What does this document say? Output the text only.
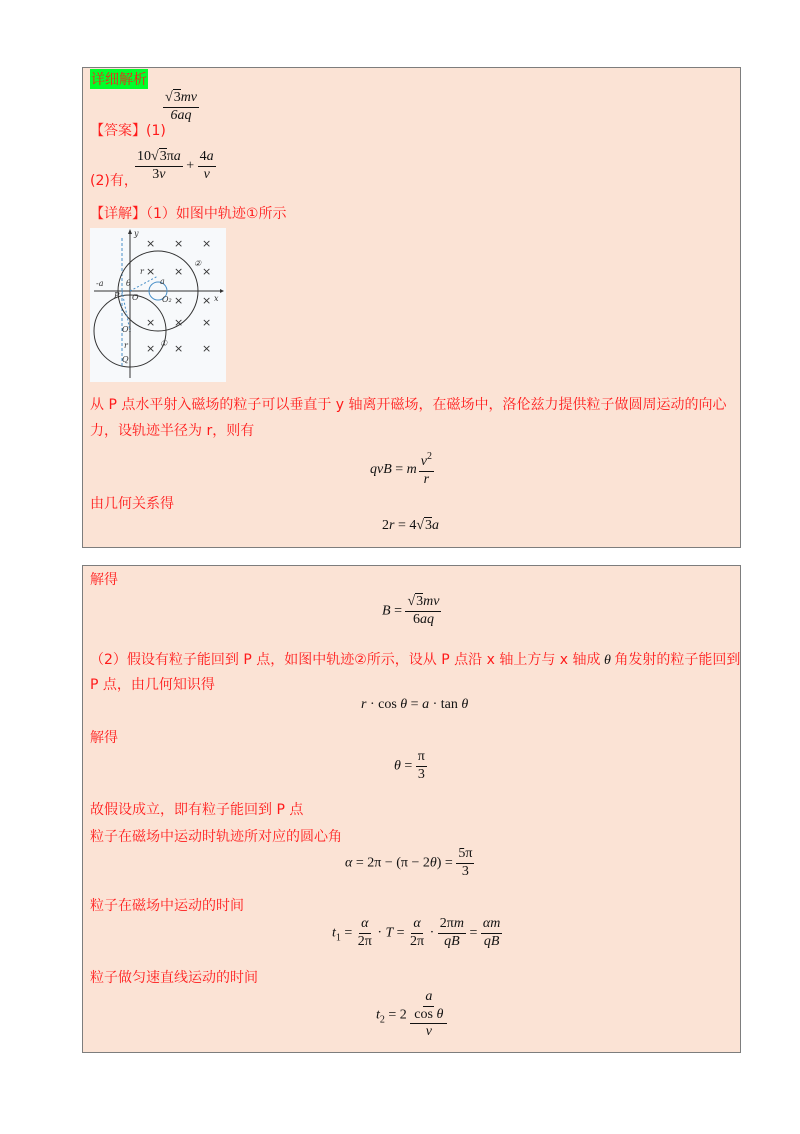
详细解析
【答案】(1)
$\frac{√3mv}{6aq}$
(2)有，
$\frac{10√3\pi a}{3v} + \frac{4a}{v}$
【详解】（1）如图中轨迹①所示
× × ×
× × ×
× ×
× × ×
× × ×
y
x
P O	O₂
O₁
Q
a
r
r
θ
-a
①
②
从 P 点水平射入磁场的粒子可以垂直于 y 轴离开磁场，在磁场中，洛伦兹力提供粒子做圆周运动的向心
力，设轨迹半径为 r，则有
qvB = m $\frac{v^2}{r}$
由几何关系得
2r = 4√3a
解得
$B = \frac{√3mv}{6aq}$
（2）假设有粒子能回到 P 点，如图中轨迹②所示，设从 P 点沿 x 轴上方与 x 轴成 θ 角发射的粒子能回到
P 点，由几何知识得
r · cos θ = a · tan θ
解得
$\theta = \frac{\pi}{3}$
故假设成立，即有粒子能回到 P 点
粒子在磁场中运动时轨迹所对应的圆心角
$\alpha = 2\pi - (\pi - 2\theta) = \frac{5\pi}{3}$
粒子在磁场中运动的时间
$t_1 = \frac{\alpha}{2\pi} \cdot T = \frac{\alpha}{2\pi} \cdot \frac{2\pi m}{qB} = \frac{\alpha m}{qB}$
粒子做匀速直线运动的时间
$t_2 = 2 \frac{\frac{a}{\text{cos θ}}}{v}$
